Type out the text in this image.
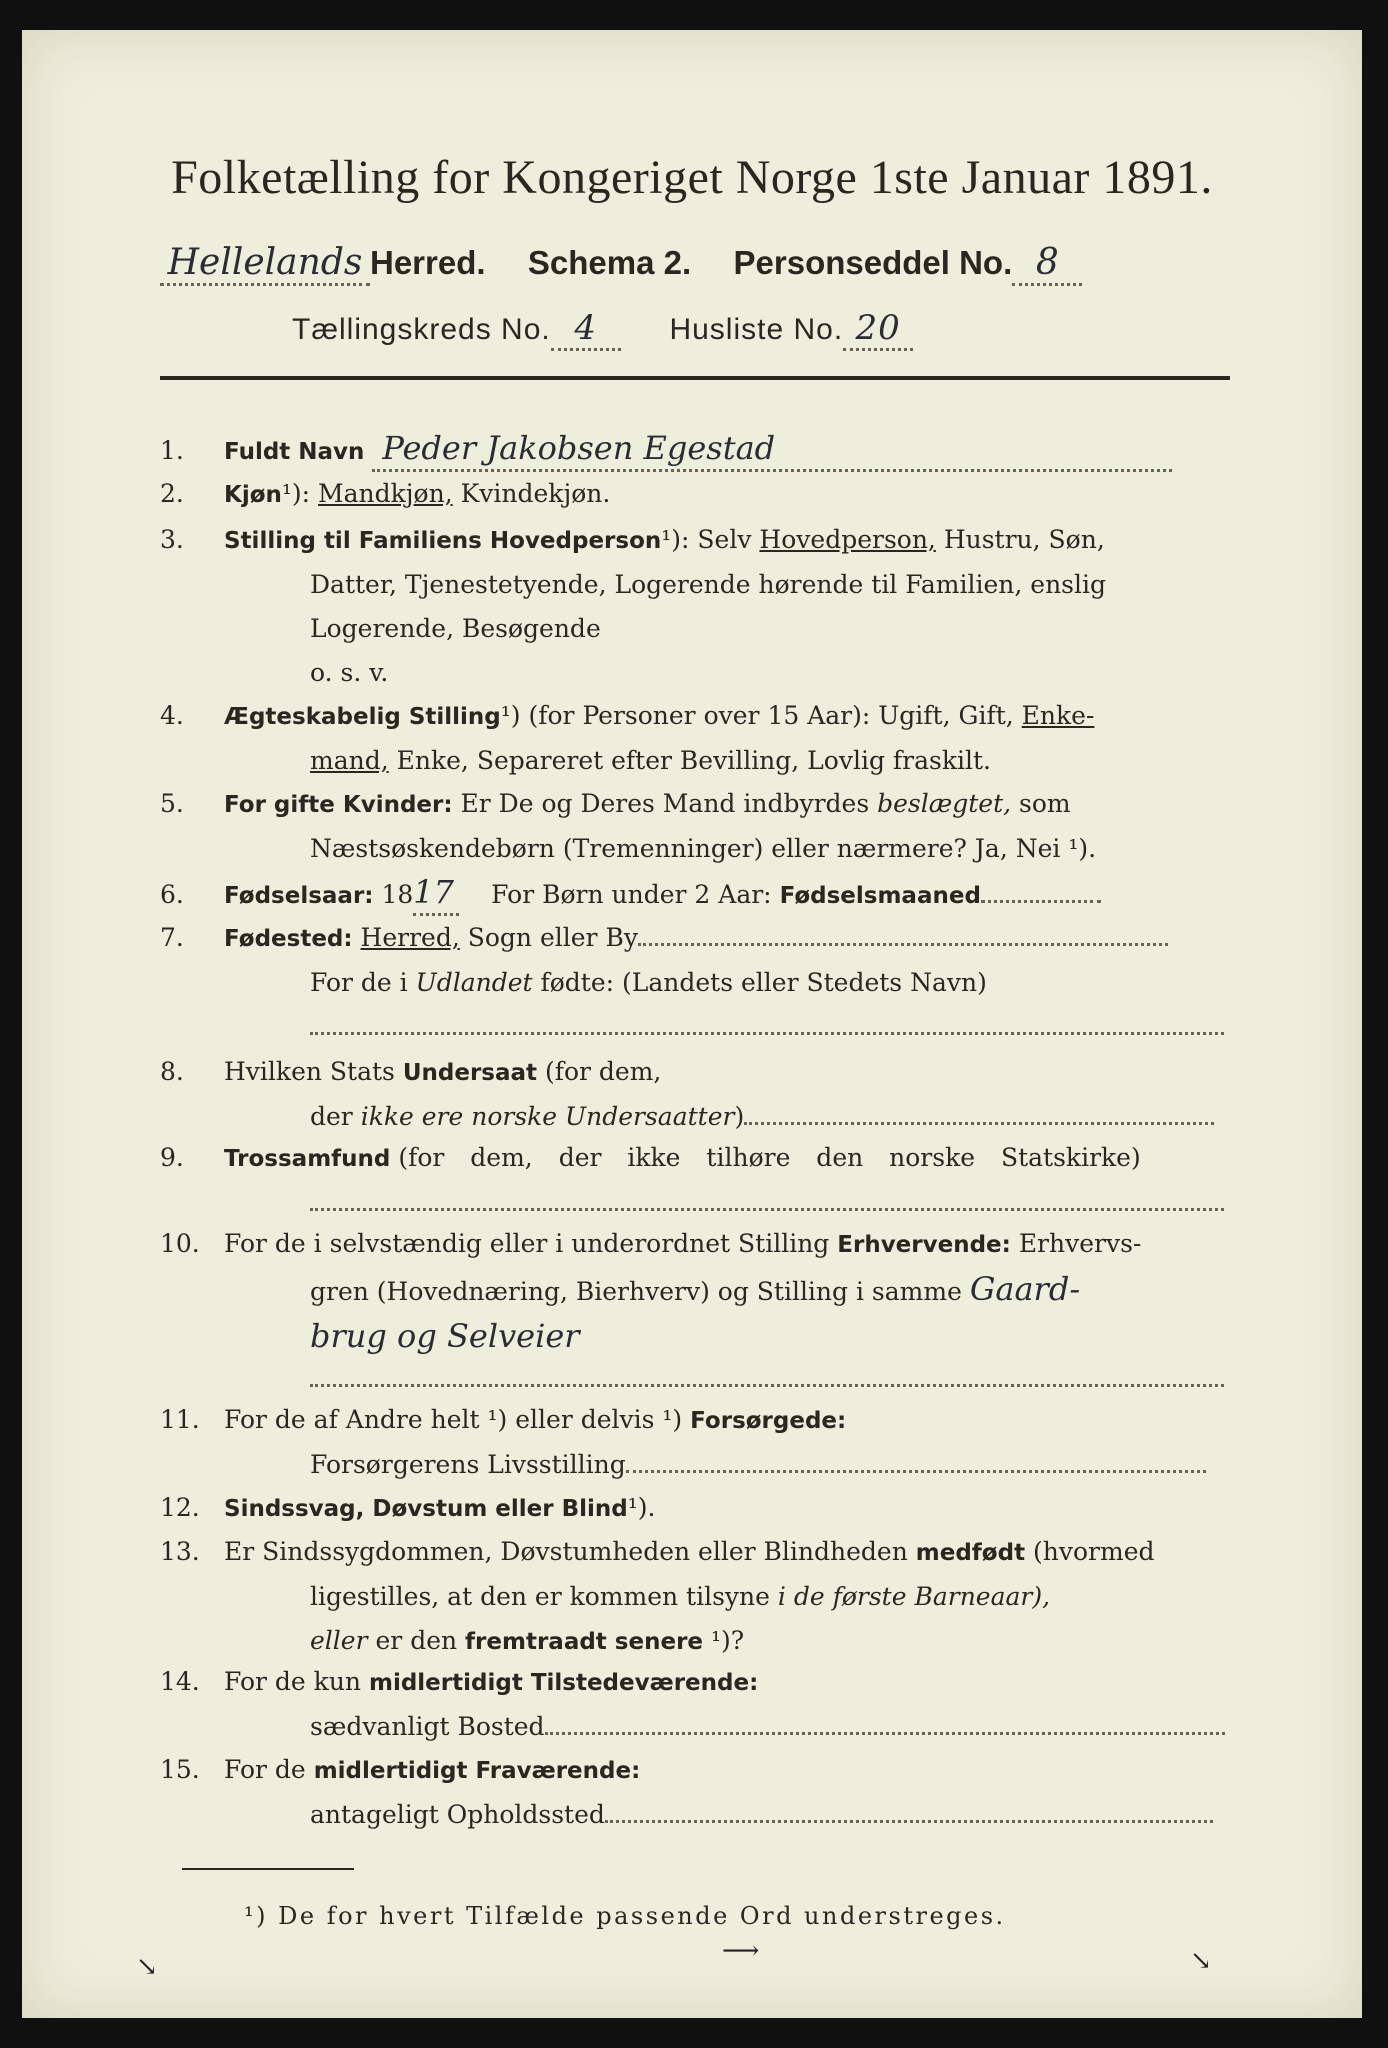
Folketælling for Kongeriget Norge 1ste Januar 1891.
Hellelands Herred. Schema 2. Personseddel No. 8
Tællingskreds No. 4 Husliste No. 20
1. Fuldt Navn Peder Jakobsen Egestad
2. Kjøn¹): Mandkjøn, Kvindekjøn.
3. Stilling til Familiens Hovedperson¹): Selv Hovedperson, Hustru, Søn,
Datter, Tjenestetyende, Logerende hørende til Familien, enslig
Logerende, Besøgende
o. s. v.
4. Ægteskabelig Stilling¹) (for Personer over 15 Aar): Ugift, Gift, Enke-
mand, Enke, Separeret efter Bevilling, Lovlig fraskilt.
5. For gifte Kvinder: Er De og Deres Mand indbyrdes beslægtet, som
Næstsøskendebørn (Tremenninger) eller nærmere? Ja, Nei ¹).
6. Fødselsaar: 1817 For Børn under 2 Aar: Fødselsmaaned
7. Fødested: Herred, Sogn eller By
For de i Udlandet fødte: (Landets eller Stedets Navn)
8. Hvilken Stats Undersaat (for dem,
der ikke ere norske Undersaatter)
9. Trossamfund (for dem, der ikke tilhøre den norske Statskirke)
10. For de i selvstændig eller i underordnet Stilling Erhvervende: Erhvervs-
gren (Hovednæring, Bierhverv) og Stilling i samme Gaard-
brug og Selveier
11. For de af Andre helt ¹) eller delvis ¹) Forsørgede:
Forsørgerens Livsstilling
12. Sindssvag, Døvstum eller Blind¹).
13. Er Sindssygdommen, Døvstumheden eller Blindheden medfødt (hvormed
ligestilles, at den er kommen tilsyne i de første Barneaar),
eller er den fremtraadt senere ¹)?
14. For de kun midlertidigt Tilstedeværende:
sædvanligt Bosted
15. For de midlertidigt Fraværende:
antageligt Opholdssted
¹) De for hvert Tilfælde passende Ord understreges.
↘
⟶	↘
